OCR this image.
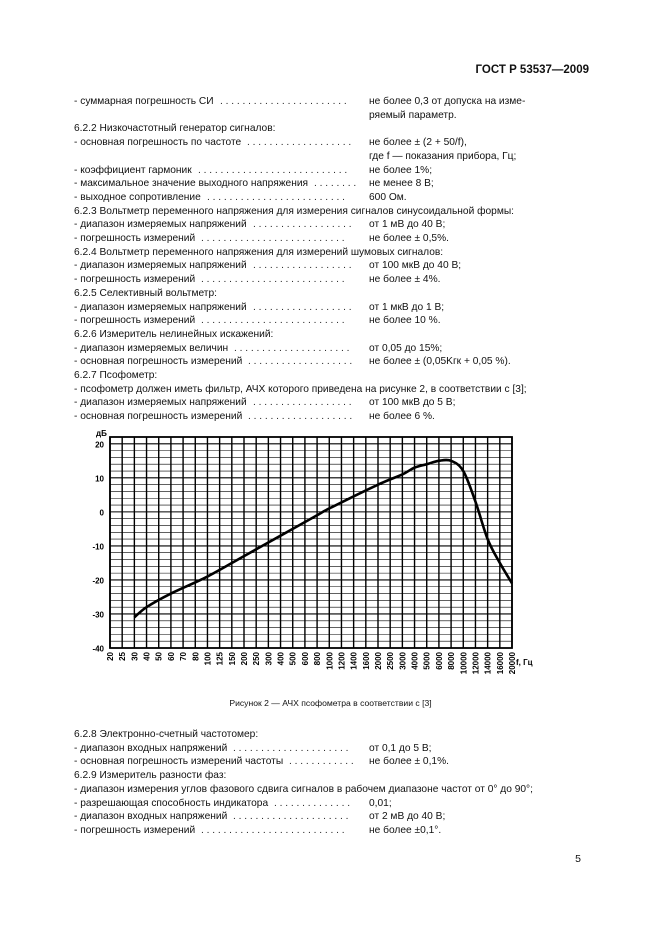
ГОСТ Р 53537—2009
- суммарная погрешность СИ ....................... не более 0,3 от допуска на изме-
ряемый параметр.
6.2.2 Низкочастотный генератор сигналов:
- основная погрешность по частоте ................... не более ± (2 + 50/f),
где f — показания прибора, Гц;
- коэффициент гармоник ........................... не более 1%;
- максимальное значение выходного напряжения ........ не менее 8 В;
- выходное сопротивление ......................... 600 Ом.
6.2.3 Вольтметр переменного напряжения для измерения сигналов синусоидальной формы:
- диапазон измеряемых напряжений .................. от 1 мВ до 40 В;
- погрешность измерений .......................... не более ± 0,5%.
6.2.4 Вольтметр переменного напряжения для измерений шумовых сигналов:
- диапазон измеряемых напряжений .................. от 100 мкВ до 40 В;
- погрешность измерений .......................... не более ± 4%.
6.2.5 Селективный вольтметр:
- диапазон измеряемых напряжений .................. от 1 мкВ до 1 В;
- погрешность измерений .......................... не более 10 %.
6.2.6 Измеритель нелинейных искажений:
- диапазон измеряемых величин ..................... от 0,05 до 15%;
- основная погрешность измерений ................... не более ± (0,05Kгк + 0,05 %).
6.2.7 Псофометр:
- псофометр должен иметь фильтр, АЧХ которого приведена на рисунке 2, в соответствии с [3];
- диапазон измеряемых напряжений .................. от 100 мкВ до 5 В;
- основная погрешность измерений ................... не более 6 %.
20
10
0
-10
-20
-30
-40
дБ
20 25 30 40 50 60 70 80 100 125 150 200 250 300 400 500 600 800 1000 1200 1400 1600 2000 2500 3000 4000 5000 6000 8000 10000 12000 14000 16000 20000 f, Гц
Рисунок 2 — АЧХ псофометра в соответствии с [3]
6.2.8 Электронно-счетный частотомер:
- диапазон входных напряжений ..................... от 0,1 до 5 В;
- основная погрешность измерений частоты ............ не более ± 0,1%.
6.2.9 Измеритель разности фаз:
- диапазон измерения углов фазового сдвига сигналов в рабочем диапазоне частот от 0° до 90°;
- разрешающая способность индикатора .............. 0,01;
- диапазон входных напряжений ..................... от 2 мВ до 40 В;
- погрешность измерений .......................... не более ±0,1°.
5
